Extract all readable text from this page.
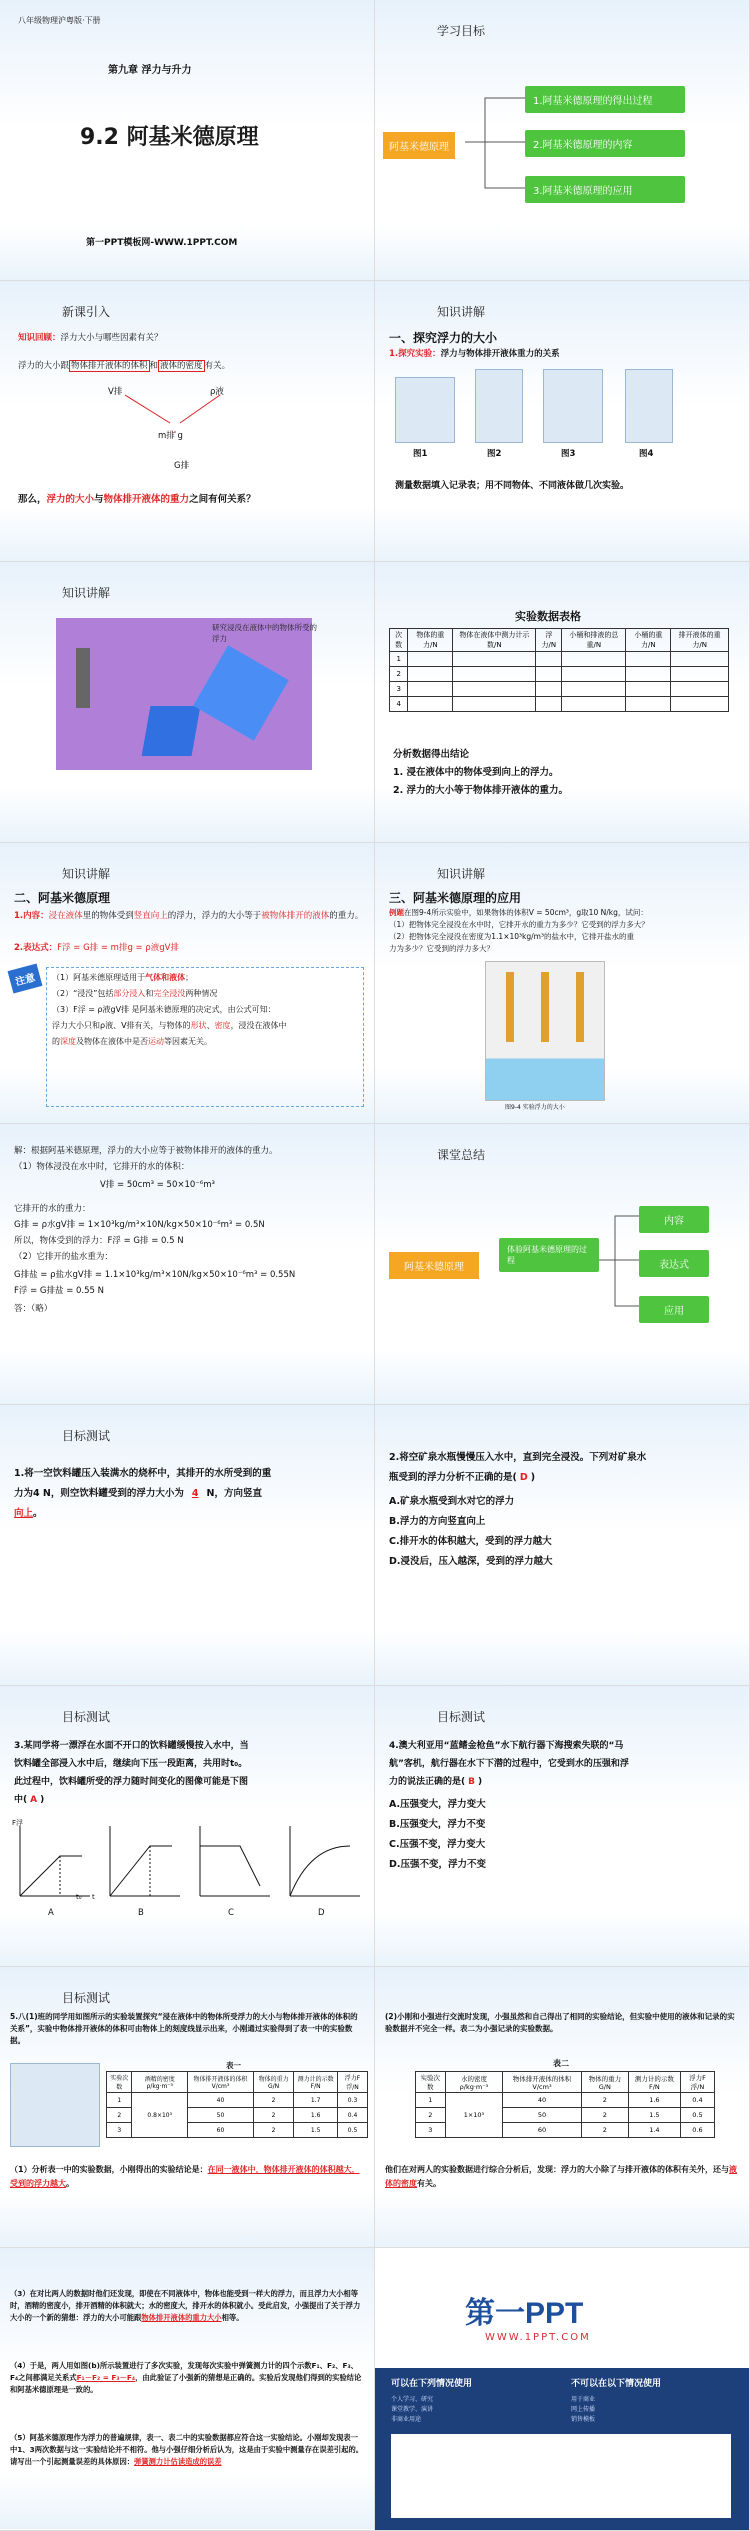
八年级物理沪粤版·下册
第九章 浮力与升力
9.2 阿基米德原理
第一PPT模板网-WWW.1PPT.COM
学习目标
阿基米德原理
1.阿基米德原理的得出过程
2.阿基米德原理的内容
3.阿基米德原理的应用
新课引入
知识回顾：浮力大小与哪些因素有关？
浮力的大小跟 物体排开液体的体积 和 液体的密度 有关。
V排	ρ液
m排 g
G排
那么，浮力的大小与物体排开液体的重力之间有何关系？
知识讲解
一、探究浮力的大小
1.探究实验：浮力与物体排开液体重力的关系
图1	图2	图3	图4
测量数据填入记录表；用不同物体、不同液体做几次实验。
知识讲解
研究浸没在液体中的物体所受的浮力
实验数据表格
次数	物体的重力/N	物体在液体中测力计示数/N	浮力/N	小桶和排液的总重/N	小桶的重力/N	排开液体的重力/N
1						
2						
3						
4						
分析数据得出结论
1. 浸在液体中的物体受到向上的浮力。
2. 浮力的大小等于物体排开液体的重力。
知识讲解
二、阿基米德原理
1.内容：浸在液体里的物体受到竖直向上的浮力，浮力的大小等于被物体排开的液体的重力。
2.表达式：F浮 = G排 = m排g = ρ液gV排
注意	（1）阿基米德原理适用于气体和液体；
（2）“浸没”包括部分浸入和完全浸没两种情况
（3）F浮 = ρ液gV排 是阿基米德原理的决定式，由公式可知：
浮力大小只和ρ液、V排有关，与物体的形状、密度，浸没在液体中
的深度及物体在液体中是否运动等因素无关。
知识讲解
三、阿基米德原理的应用
例题在图9-4所示实验中，如果物体的体积V = 50cm³，g取10 N/kg，试问：
（1）把物体完全浸没在水中时，它排开水的重力为多少？它受到的浮力多大？
（2）把物体完全浸没在密度为1.1×10³kg/m³的盐水中，它排开盐水的重
力为多少？它受到的浮力多大？
图9-4 实验浮力的大小
解：根据阿基米德原理，浮力的大小应等于被物体排开的液体的重力。
（1）物体浸没在水中时，它排开的水的体积：
V排 = 50cm³ = 50×10⁻⁶m³
它排开的水的重力：
G排 = ρ水gV排 = 1×10³kg/m³×10N/kg×50×10⁻⁶m³ = 0.5N
所以，物体受到的浮力：F浮 = G排 = 0.5 N
（2）它排开的盐水重为：
G排盐 = ρ盐水gV排 = 1.1×10³kg/m³×10N/kg×50×10⁻⁶m³ = 0.55N
F浮 = G排盐 = 0.55 N
答：（略）
课堂总结
阿基米德原理
体验阿基米德原理的过程
内容
表达式
应用
目标测试
1.将一空饮料罐压入装满水的烧杯中，其排开的水所受到的重
力为4 N，则空饮料罐受到的浮力大小为 4 N，方向竖直
向上。
2.将空矿泉水瓶慢慢压入水中，直到完全浸没。下列对矿泉水
瓶受到的浮力分析不正确的是( D )
A.矿泉水瓶受到水对它的浮力
B.浮力的方向竖直向上
C.排开水的体积越大，受到的浮力越大
D.浸没后，压入越深，受到的浮力越大
目标测试
3.某同学将一漂浮在水面不开口的饮料罐缓慢按入水中，当
饮料罐全部浸入水中后，继续向下压一段距离，共用时t₀。
此过程中，饮料罐所受的浮力随时间变化的图像可能是下图
中( A )
F浮
t
t₀
A	B	C	D
目标测试
4.澳大利亚用“蓝鳍金枪鱼”水下航行器下海搜索失联的“马
航”客机，航行器在水下下潜的过程中，它受到水的压强和浮
力的说法正确的是( B )
A.压强变大，浮力变大
B.压强变大，浮力不变
C.压强不变，浮力变大
D.压强不变，浮力不变
目标测试
5.八(1)班的同学用如图所示的实验装置探究“浸在液体中的物体所受浮力的大小与物体排开液体的体积的关系”，实验中物体排开液体的体积可由物体上的刻度线显示出来，小刚通过实验得到了表一中的实验数据。
表一
实验次数	酒精的密度ρ/kg·m⁻³	物体排开液体的体积V/cm³	物体的重力G/N	测力计的示数F/N	浮力F浮/N
1	0.8×10³	40	2	1.7	0.3
2		50	2	1.6	0.4
3		60	2	1.5	0.5
（1）分析表一中的实验数据，小刚得出的实验结论是：在同一液体中，物体排开液体的体积越大，受到的浮力越大。
(2)小刚和小强进行交流时发现，小强虽然和自己得出了相同的实验结论，但实验中使用的液体和记录的实验数据并不完全一样。表二为小强记录的实验数据。
表二
实验次数	水的密度ρ/kg·m⁻³	物体排开液体的体积V/cm³	物体的重力G/N	测力计的示数F/N	浮力F浮/N
1	1×10³	40	2	1.6	0.4
2		50	2	1.5	0.5
3		60	2	1.4	0.6
他们在对两人的实验数据进行综合分析后，发现：浮力的大小除了与排开液体的体积有关外，还与液体的密度有关。
（3）在对比两人的数据时他们还发现，即使在不同液体中，物体也能受到一样大的浮力，而且浮力大小相等时，酒精的密度小，排开酒精的体积就大；水的密度大，排开水的体积就小。受此启发，小强提出了关于浮力大小的一个新的猜想：浮力的大小可能跟物体排开液体的重力大小相等。
（4）于是，两人用如图(b)所示装置进行了多次实验，发现每次实验中弹簧测力计的四个示数F₁、F₂、F₃、F₄之间都满足关系式F₁－F₂ = F₃－F₄，由此验证了小强新的猜想是正确的。实验后发现他们得到的实验结论和阿基米德原理是一致的。
（5）阿基米德原理作为浮力的普遍规律，表一、表二中的实验数据都应符合这一实验结论。小刚却发现表一中1、3两次数据与这一实验结论并不相符。他与小强仔细分析后认为，这是由于实验中测量存在误差引起的。请写出一个引起测量误差的具体原因：弹簧测力计估读造成的误差
第一PPT
WWW.1PPT.COM
可以在下列情况使用	不可以在以下情况使用
个人学习、研究
课堂教学、演讲
非商业用途
用于商业
网上传播
销售模板
